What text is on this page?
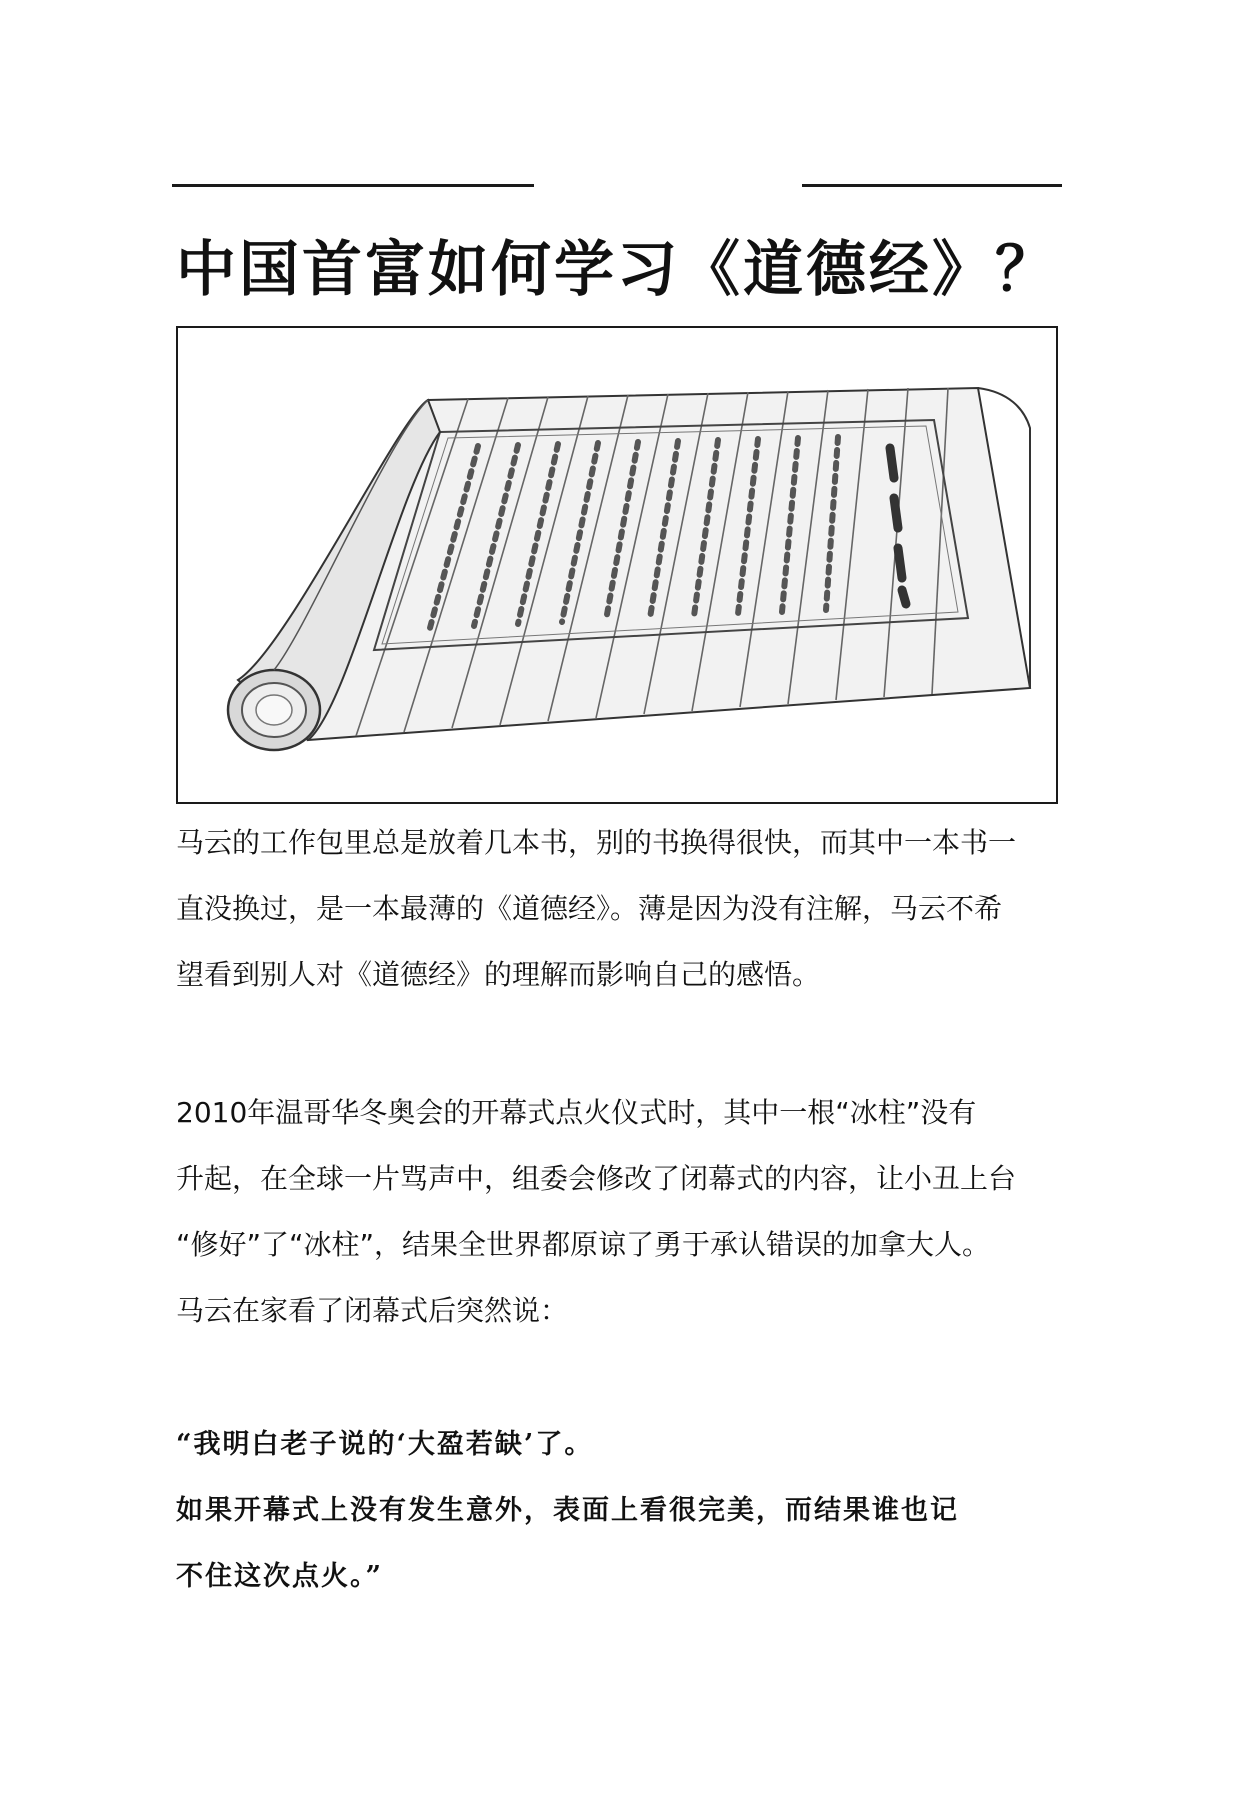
中国首富如何学习《道德经》？
马云的工作包里总是放着几本书，别的书换得很快，而其中一本书一
直没换过，是一本最薄的《道德经》。薄是因为没有注解，马云不希
望看到别人对《道德经》的理解而影响自己的感悟。
2010年温哥华冬奥会的开幕式点火仪式时，其中一根“冰柱”没有
升起，在全球一片骂声中，组委会修改了闭幕式的内容，让小丑上台
“修好”了“冰柱”，结果全世界都原谅了勇于承认错误的加拿大人。
马云在家看了闭幕式后突然说：
“我明白老子说的‘大盈若缺’了。
如果开幕式上没有发生意外，表面上看很完美，而结果谁也记
不住这次点火。”
